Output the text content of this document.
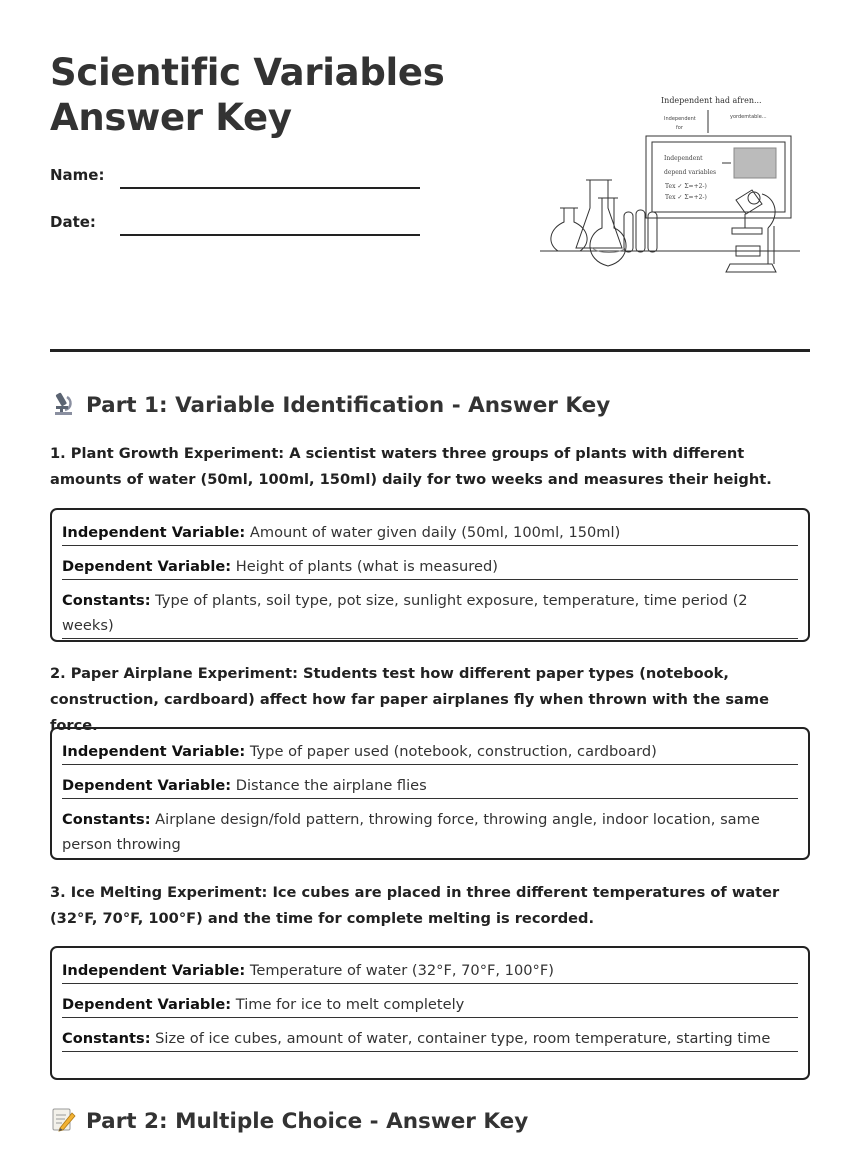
Scientific Variables Answer Key
Name:
Date:
Independent had afren...
Independent
for
yordemtable...
Independent
depend variables
Tex ✓ Σ=+2-)
Tex ✓ Σ=+2-)
Part 1: Variable Identification - Answer Key

1. Plant Growth Experiment: A scientist waters three groups of plants with different amounts of water (50ml, 100ml, 150ml) daily for two weeks and measures their height.

Independent Variable: Amount of water given daily (50ml, 100ml, 150ml)
Dependent Variable: Height of plants (what is measured)
Constants: Type of plants, soil type, pot size, sunlight exposure, temperature, time period (2 weeks)

2. Paper Airplane Experiment: Students test how different paper types (notebook, construction, cardboard) affect how far paper airplanes fly when thrown with the same force.

Independent Variable: Type of paper used (notebook, construction, cardboard)
Dependent Variable: Distance the airplane flies
Constants: Airplane design/fold pattern, throwing force, throwing angle, indoor location, same person throwing

3. Ice Melting Experiment: Ice cubes are placed in three different temperatures of water (32°F, 70°F, 100°F) and the time for complete melting is recorded.

Independent Variable: Temperature of water (32°F, 70°F, 100°F)
Dependent Variable: Time for ice to melt completely
Constants: Size of ice cubes, amount of water, container type, room temperature, starting time
Part 2: Multiple Choice - Answer Key
